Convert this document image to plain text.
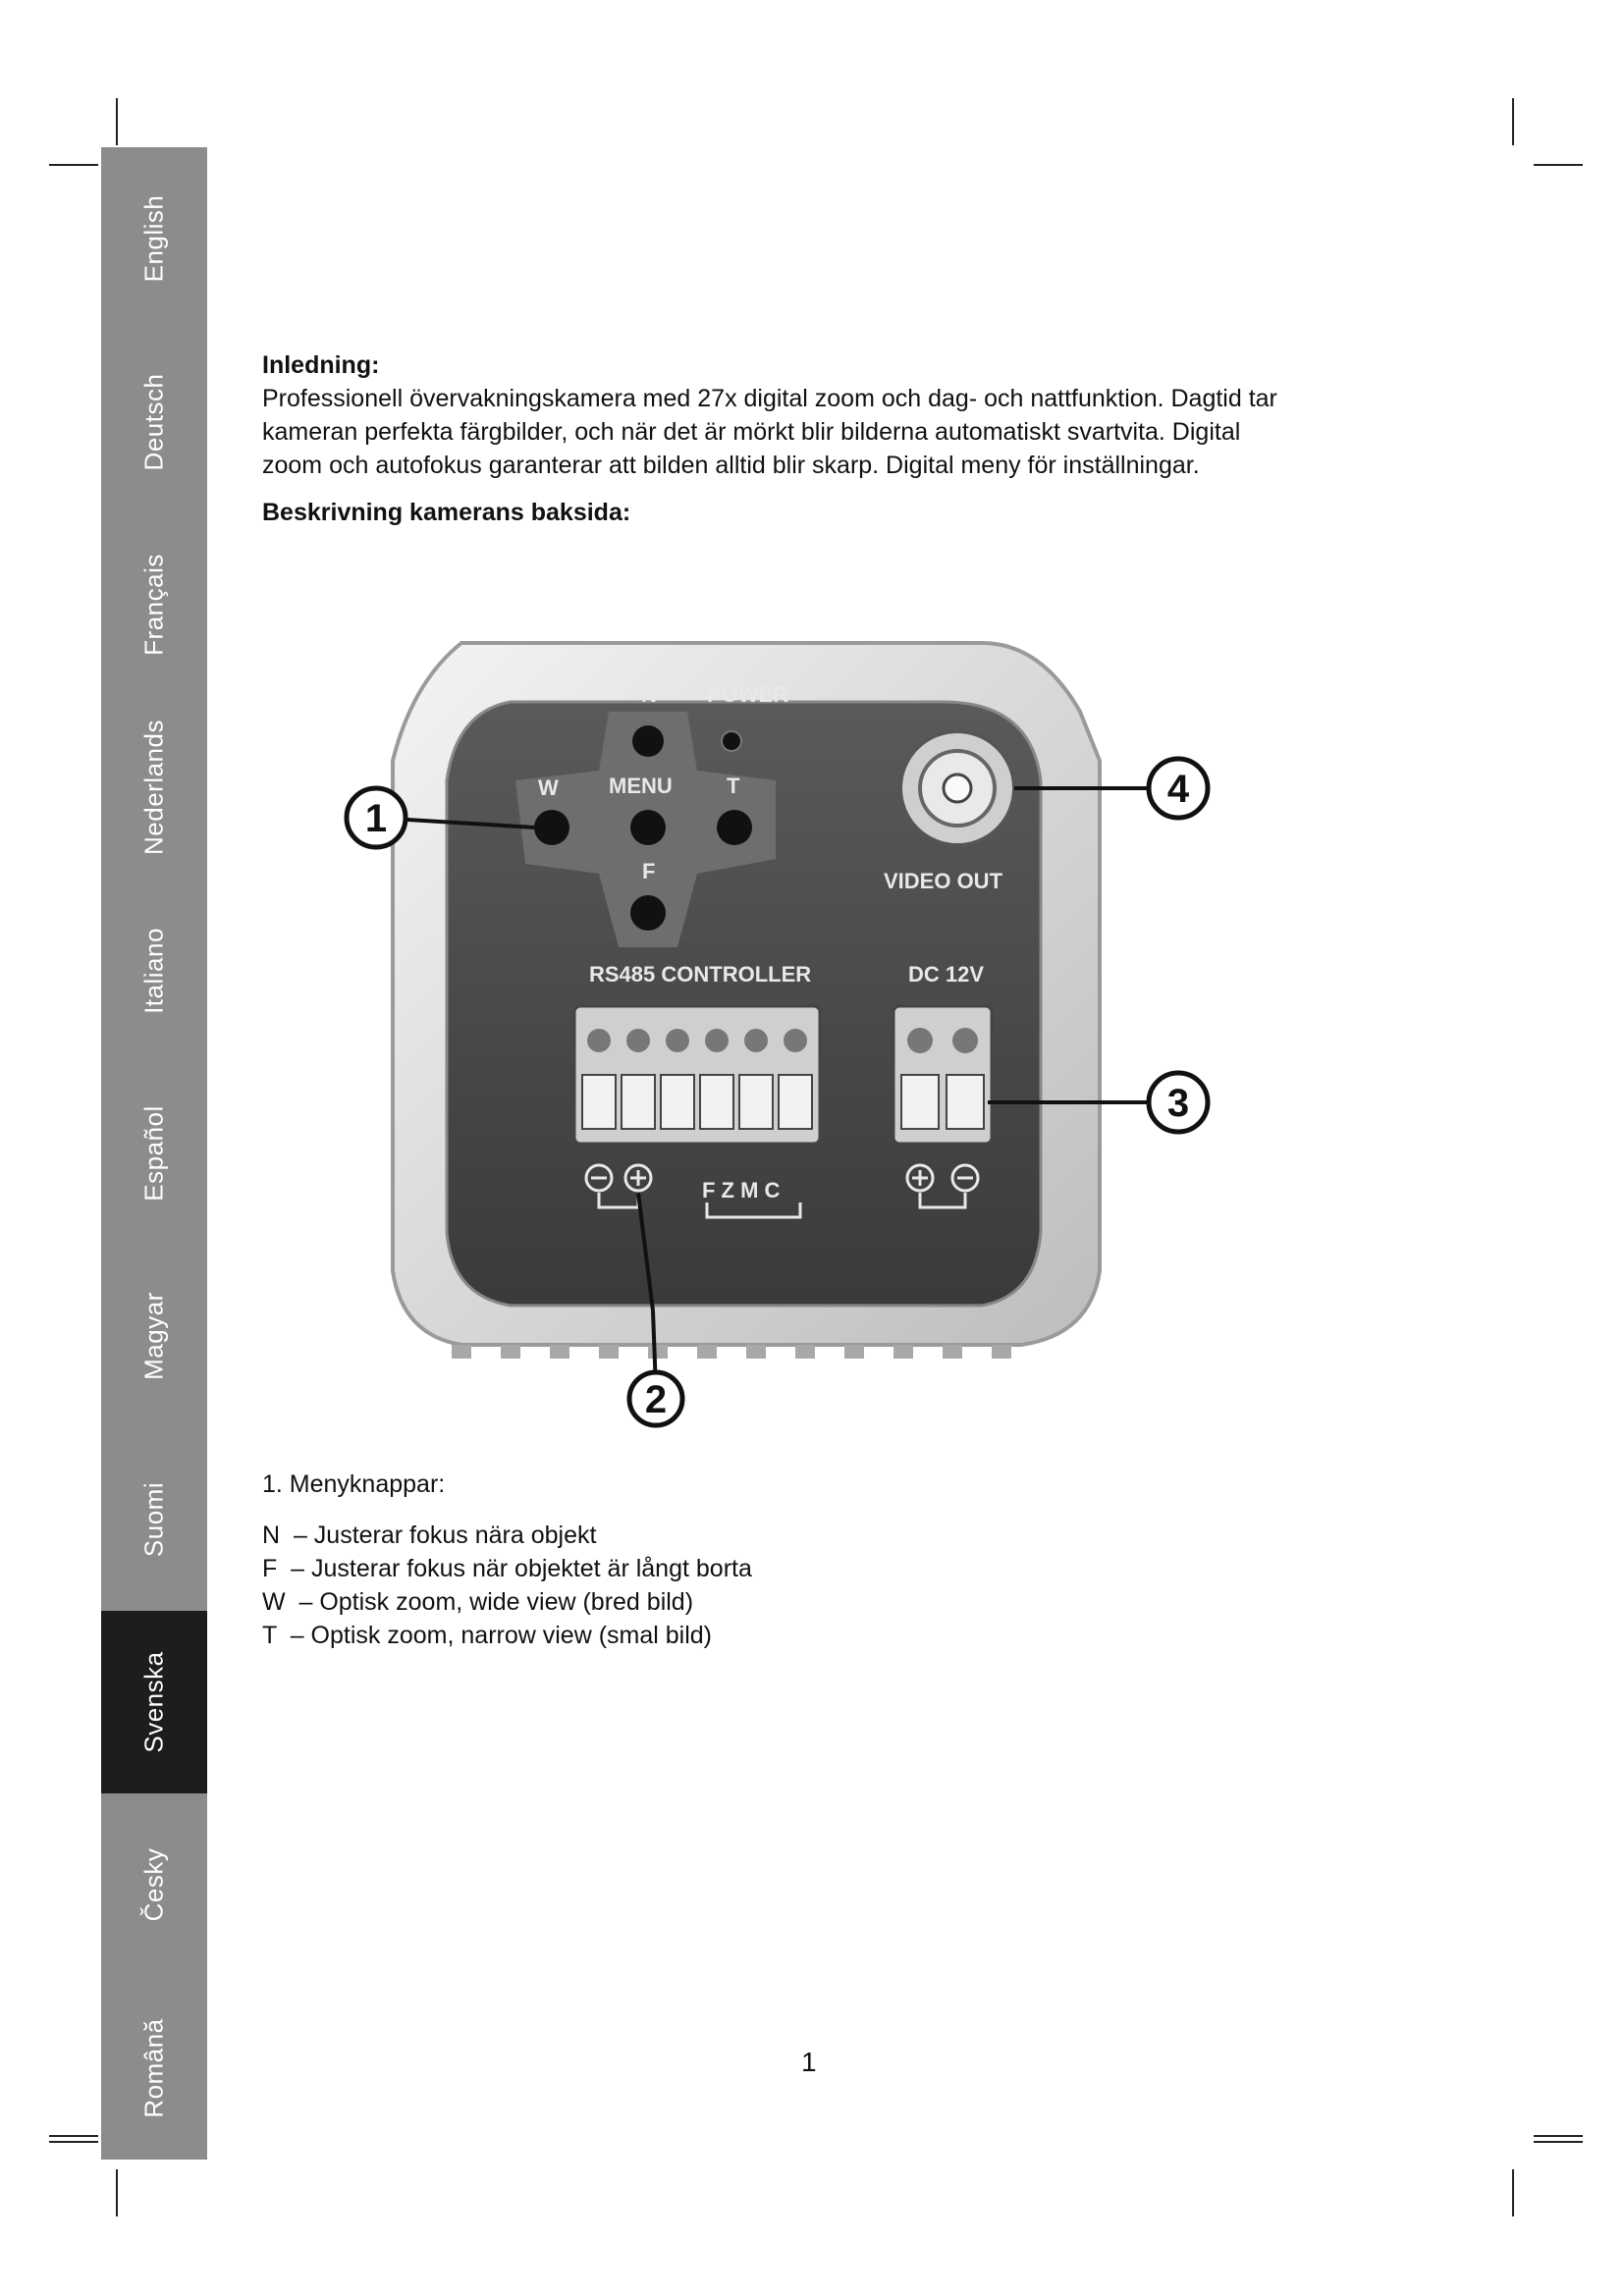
English
Deutsch
Français
Nederlands
Italiano
Español
Magyar
Suomi
Svenska
Česky
Română

Inledning:

Professionell övervakningskamera med 27x digital zoom och dag- och nattfunktion. Dagtid tar

kameran perfekta färgbilder, och när det är mörkt blir bilderna automatiskt svartvita. Digital

zoom och autofokus garanterar att bilden alltid blir skarp. Digital meny för inställningar.

Beskrivning kamerans baksida:

N POWER
W MENU	T
F	VIDEO OUT
RS485 CONTROLLER	DC 12V
F Z M C
1
4
3
2

1. Menyknappar:

N  – Justerar fokus nära objekt

F  – Justerar fokus när objektet är långt borta

W  – Optisk zoom, wide view (bred bild)

T  – Optisk zoom, narrow view (smal bild)

1
